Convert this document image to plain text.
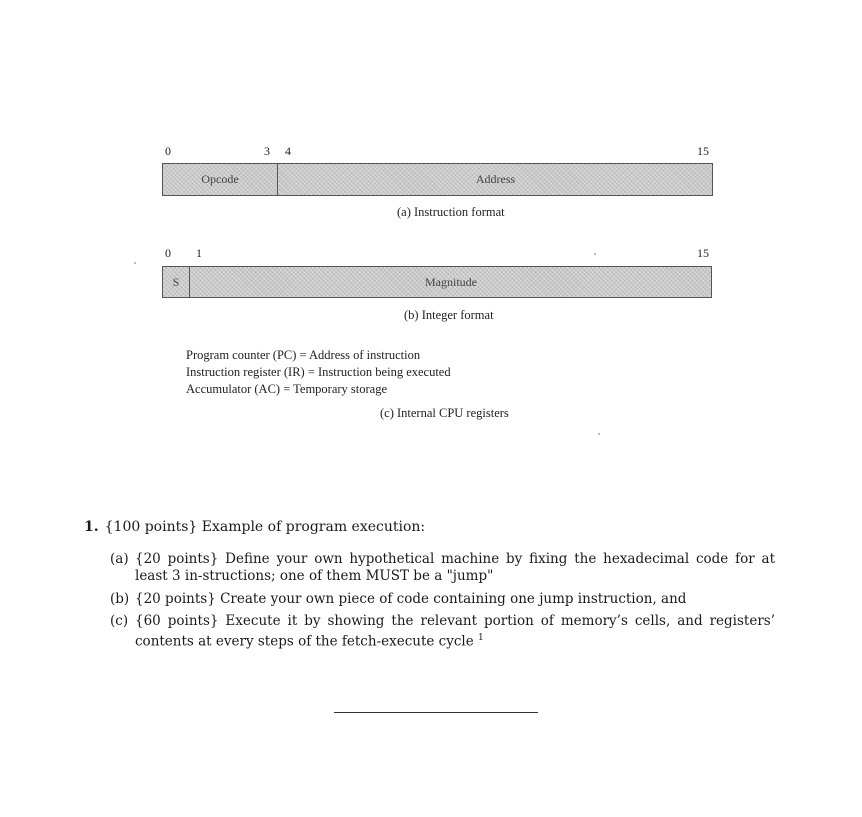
0	3 4	15
Opcode	Address
(a) Instruction format
0 1	15
S	Magnitude
(b) Integer format
Program counter (PC) = Address of instruction
Instruction register (IR) = Instruction being executed
Accumulator (AC) = Temporary storage
(c) Internal CPU registers
1. {100 points} Example of program execution:
(a) {20 points} Define your own hypothetical machine by fixing the hexadecimal code for at least 3 in-structions; one of them MUST be a "jump"
(b) {20 points} Create your own piece of code containing one jump instruction, and
(c) {60 points} Execute it by showing the relevant portion of memory’s cells, and registers’ contents at every steps of the fetch-execute cycle $^1$
